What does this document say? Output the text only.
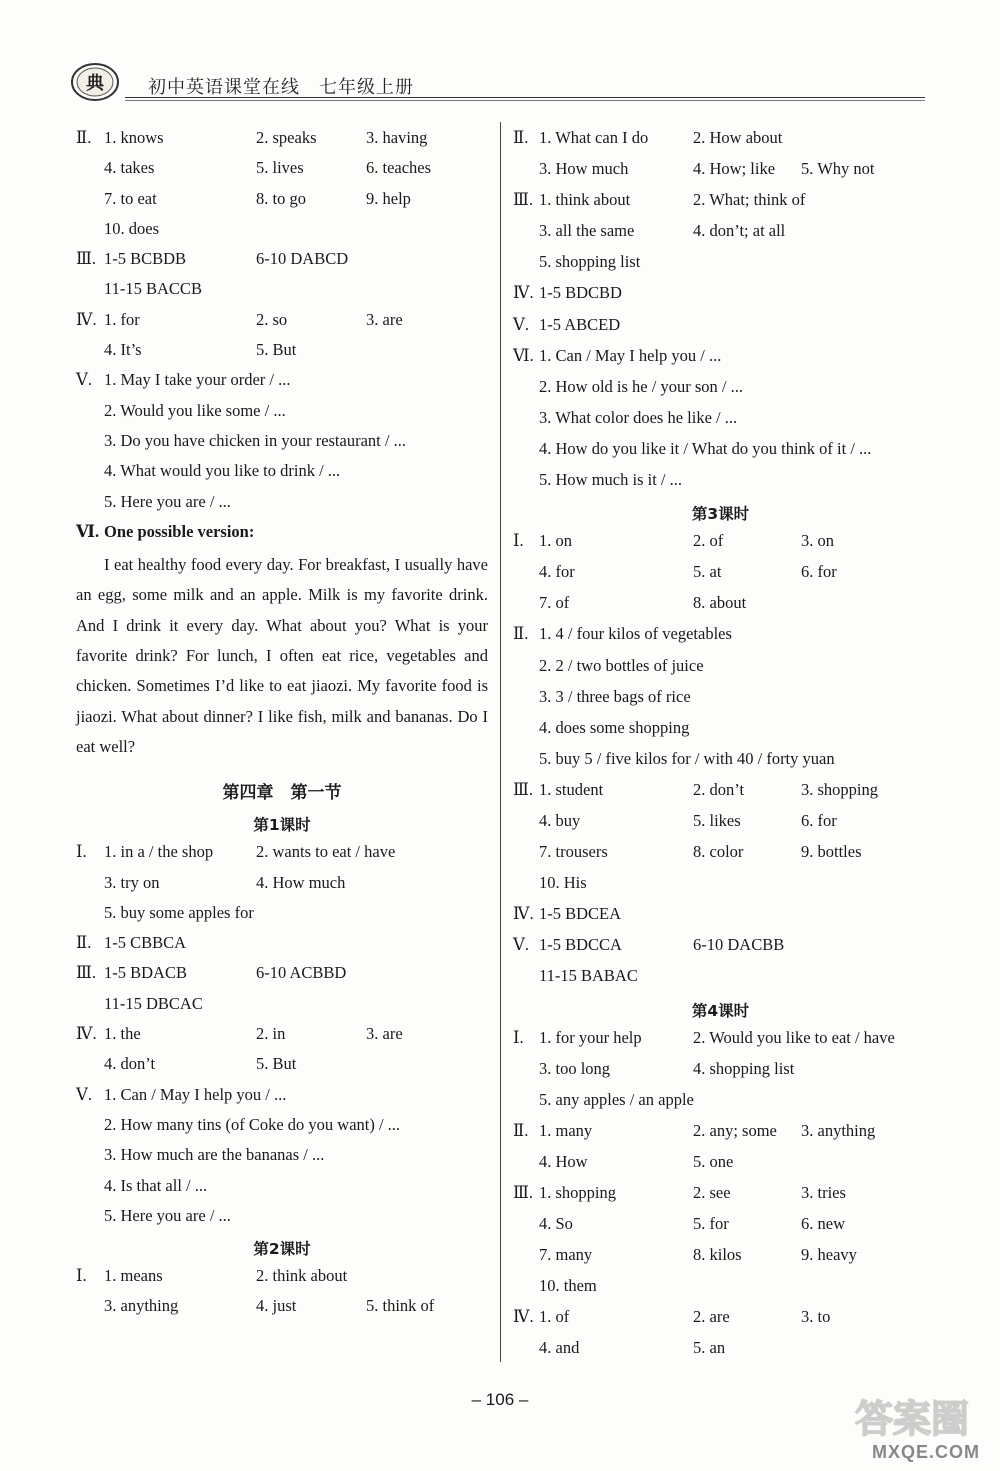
典 初中英语课堂在线　七年级上册
Ⅱ. 1. knows	2. speaks	3. having
4. takes	5. lives	6. teaches
7. to eat	8. to go	9. help
10. does
Ⅲ. 1-5 BCBDB	6-10 DABCD
11-15 BACCB
Ⅳ. 1. for	2. so	3. are
4. It’s	5. But
Ⅴ. 1. May I take your order / ...
2. Would you like some / ...
3. Do you have chicken in your restaurant / ...
4. What would you like to drink / ...
5. Here you are / ...
Ⅵ. One possible version:

I eat healthy food every day. For breakfast, I usually have an egg, some milk and an apple. Milk is my favorite drink. And I drink it every day. What about you? What is your favorite drink? For lunch, I often eat rice, vegetables and chicken. Sometimes I’d like to eat jiaozi. My favorite food is jiaozi. What about dinner? I like fish, milk and bananas. Do I eat well?

第四章　第一节
第1课时
Ⅰ. 1. in a / the shop	2. wants to eat / have
3. try on	4. How much
5. buy some apples for
Ⅱ. 1-5 CBBCA
Ⅲ. 1-5 BDACB	6-10 ACBBD
11-15 DBCAC
Ⅳ. 1. the	2. in	3. are
4. don’t	5. But
Ⅴ. 1. Can / May I help you / ...
2. How many tins (of Coke do you want) / ...
3. How much are the bananas / ...
4. Is that all / ...
5. Here you are / ...
第2课时
Ⅰ. 1. means	2. think about
3. anything	4. just	5. think of
Ⅱ. 1. What can I do	2. How about
3. How much	4. How; like 5. Why not
Ⅲ. 1. think about	2. What; think of
3. all the same	4. don’t; at all
5. shopping list
Ⅳ. 1-5 BDCBD
Ⅴ. 1-5 ABCED
Ⅵ. 1. Can / May I help you / ...
2. How old is he / your son / ...
3. What color does he like / ...
4. How do you like it / What do you think of it / ...
5. How much is it / ...
第3课时
Ⅰ. 1. on	2. of	3. on
4. for	5. at	6. for
7. of	8. about
Ⅱ. 1. 4 / four kilos of vegetables
2. 2 / two bottles of juice
3. 3 / three bags of rice
4. does some shopping
5. buy 5 / five kilos for / with 40 / forty yuan
Ⅲ. 1. student	2. don’t	3. shopping
4. buy	5. likes	6. for
7. trousers	8. color	9. bottles
10. His
Ⅳ. 1-5 BDCEA
Ⅴ. 1-5 BDCCA	6-10 DACBB
11-15 BABAC
第4课时
Ⅰ. 1. for your help	2. Would you like to eat / have
3. too long	4. shopping list
5. any apples / an apple
Ⅱ. 1. many	2. any; some 3. anything
4. How	5. one
Ⅲ. 1. shopping	2. see	3. tries
4. So	5. for	6. new
7. many	8. kilos	9. heavy
10. them
Ⅳ. 1. of	2. are	3. to
4. and	5. an
– 106 –	答案圈
MXQE.COM
